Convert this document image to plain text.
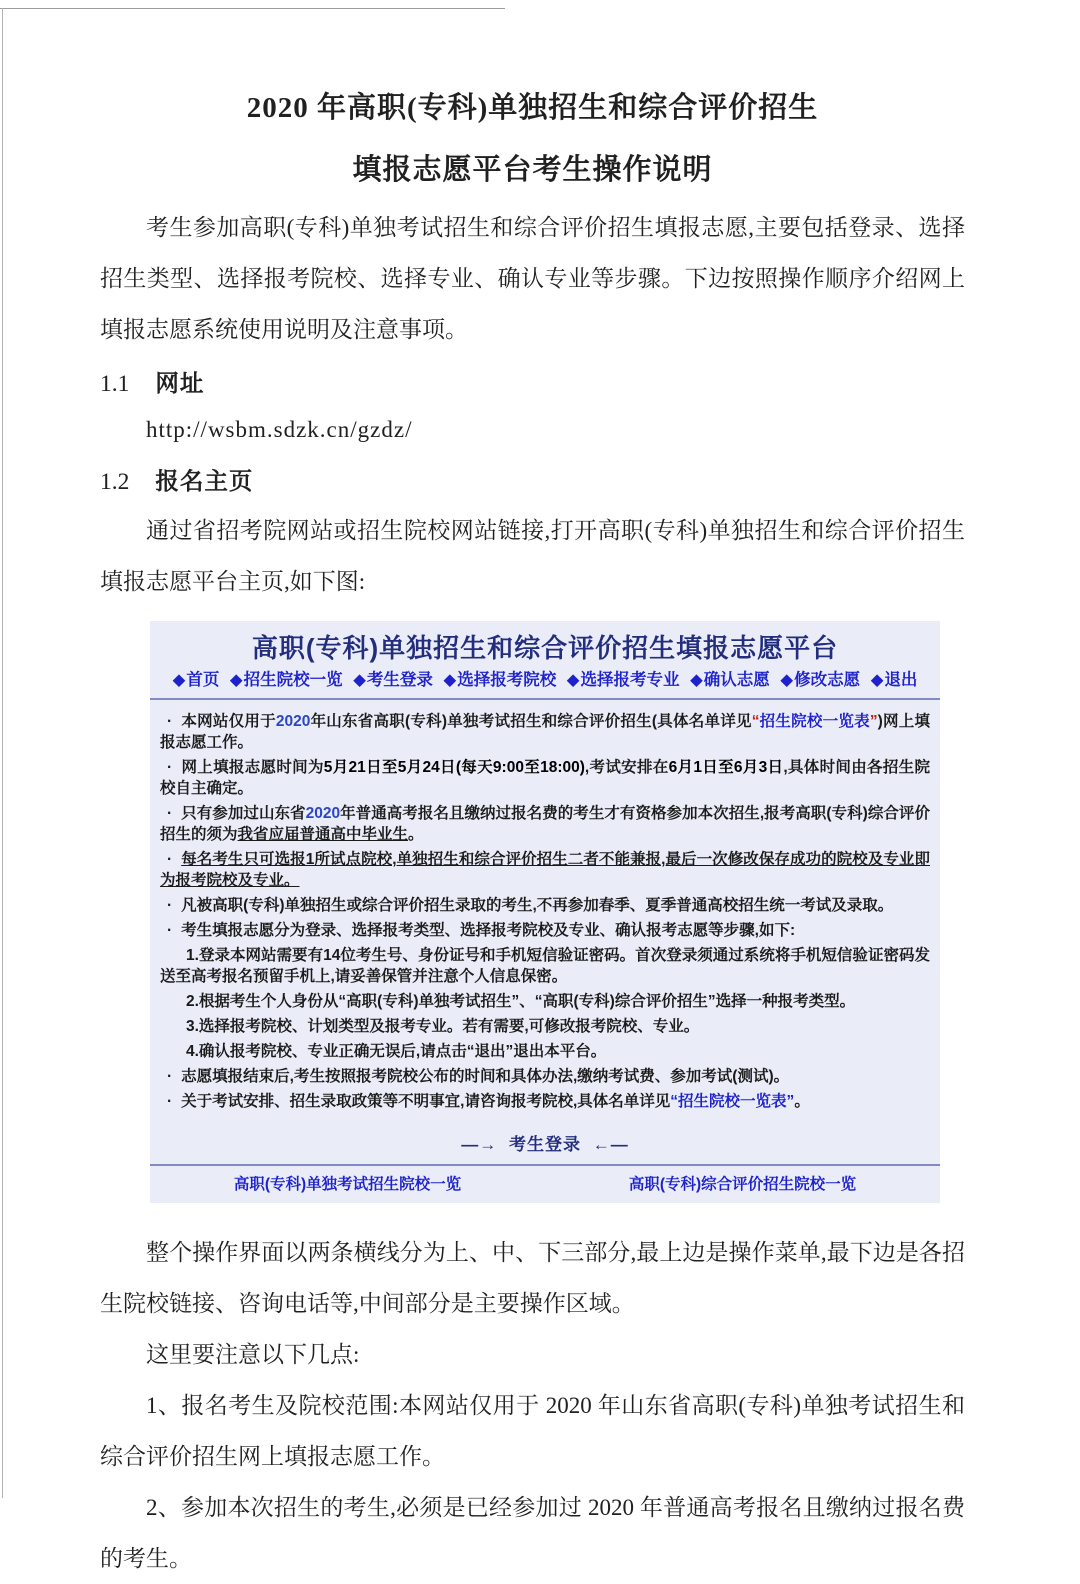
2020 年高职(专科)单独招生和综合评价招生
填报志愿平台考生操作说明

考生参加高职(专科)单独考试招生和综合评价招生填报志愿,主要包括登录、选择招生类型、选择报考院校、选择专业、确认专业等步骤。下边按照操作顺序介绍网上填报志愿系统使用说明及注意事项。

1.1 网址

http://wsbm.sdzk.cn/gzdz/

1.2 报名主页

通过省招考院网站或招生院校网站链接,打开高职(专科)单独招生和综合评价招生填报志愿平台主页,如下图:

高职(专科)单独招生和综合评价招生填报志愿平台
◆首页 ◆招生院校一览 ◆考生登录 ◆选择报考院校 ◆选择报考专业 ◆确认志愿 ◆修改志愿 ◆退出

· 本网站仅用于2020年山东省高职(专科)单独考试招生和综合评价招生(具体名单详见“招生院校一览表”)网上填报志愿工作。

· 网上填报志愿时间为5月21日至5月24日(每天9:00至18:00),考试安排在6月1日至6月3日,具体时间由各招生院校自主确定。

· 只有参加过山东省2020年普通高考报名且缴纳过报名费的考生才有资格参加本次招生,报考高职(专科)综合评价招生的须为我省应届普通高中毕业生。

· 每名考生只可选报1所试点院校,单独招生和综合评价招生二者不能兼报,最后一次修改保存成功的院校及专业即为报考院校及专业。

· 凡被高职(专科)单独招生或综合评价招生录取的考生,不再参加春季、夏季普通高校招生统一考试及录取。

· 考生填报志愿分为登录、选择报考类型、选择报考院校及专业、确认报考志愿等步骤,如下:

1.登录本网站需要有14位考生号、身份证号和手机短信验证密码。首次登录须通过系统将手机短信验证密码发送至高考报名预留手机上,请妥善保管并注意个人信息保密。

2.根据考生个人身份从“高职(专科)单独考试招生”、“高职(专科)综合评价招生”选择一种报考类型。

3.选择报考院校、计划类型及报考专业。若有需要,可修改报考院校、专业。

4.确认报考院校、专业正确无误后,请点击“退出”退出本平台。

· 志愿填报结束后,考生按照报考院校公布的时间和具体办法,缴纳考试费、参加考试(测试)。

· 关于考试安排、招生录取政策等不明事宜,请咨询报考院校,具体名单详见“招生院校一览表”。

—→ 考生登录 ←—
高职(专科)单独考试招生院校一览	高职(专科)综合评价招生院校一览

整个操作界面以两条横线分为上、中、下三部分,最上边是操作菜单,最下边是各招生院校链接、咨询电话等,中间部分是主要操作区域。

这里要注意以下几点:

1、报名考生及院校范围:本网站仅用于 2020 年山东省高职(专科)单独考试招生和综合评价招生网上填报志愿工作。

2、参加本次招生的考生,必须是已经参加过 2020 年普通高考报名且缴纳过报名费的考生。
